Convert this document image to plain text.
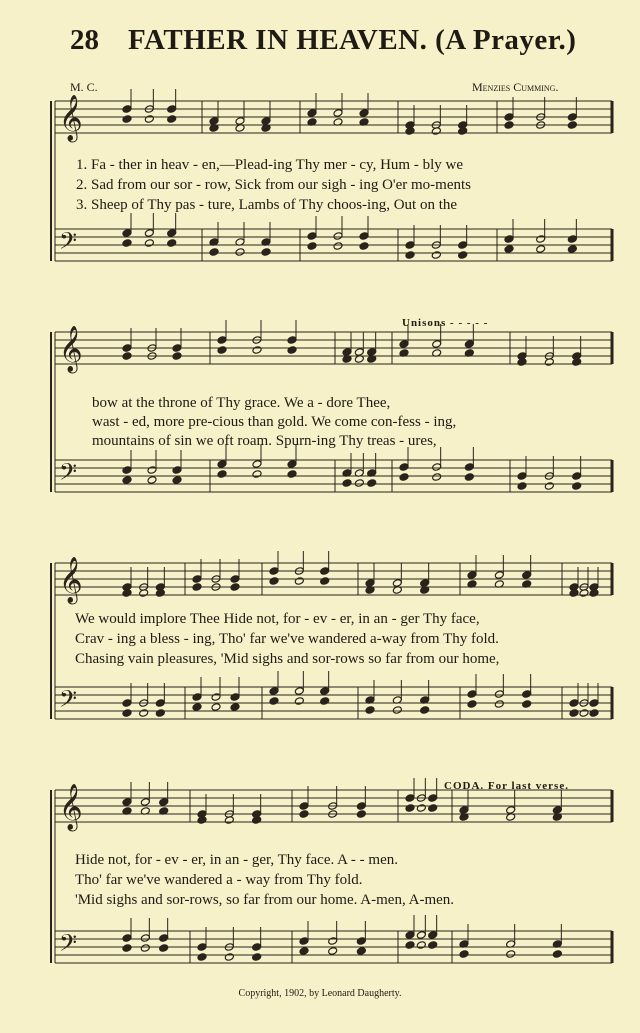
28 FATHER IN HEAVEN. (A Prayer.)
M. C.	Menzies Cumming.
𝄞
𝄢
𝄞
𝄢
𝄞
𝄢
𝄞
𝄢
1. Fa - ther in heav - en,—Plead-ing Thy mer - cy, Hum - bly we
2. Sad from our sor - row, Sick from our sigh - ing O'er mo-ments
3. Sheep of Thy pas - ture, Lambs of Thy choos-ing, Out on the
Unisons - - - - -
bow at the throne of Thy grace. We a - dore Thee,
wast - ed, more pre-cious than gold. We come con-fess - ing,
mountains of sin we oft roam. Spurn-ing Thy treas - ures,
We would implore Thee Hide not, for - ev - er, in an - ger Thy face,
Crav - ing a bless - ing, Tho' far we've wandered a-way from Thy fold.
Chasing vain pleasures, 'Mid sighs and sor-rows so far from our home,
CODA. For last verse.
Hide not, for - ev - er, in an - ger, Thy face. A - - men.
Tho' far we've wandered a - way from Thy fold.
'Mid sighs and sor-rows, so far from our home. A-men, A-men.
Copyright, 1902, by Leonard Daugherty.
